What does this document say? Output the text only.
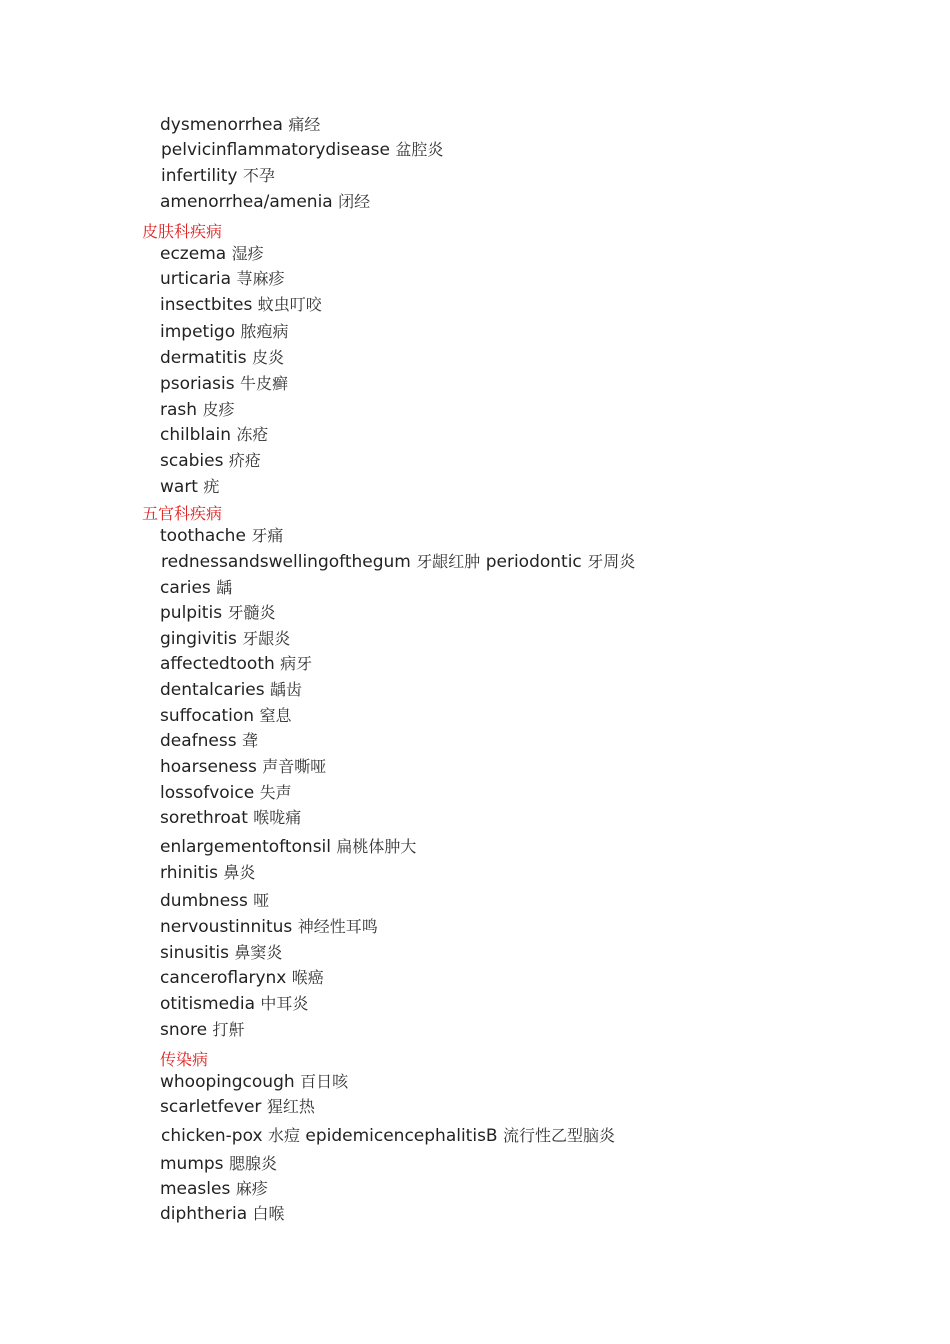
dysmenorrhea 痛经
pelvicinflammatorydisease 盆腔炎
infertility 不孕
amenorrhea/amenia 闭经
皮肤科疾病
eczema 湿疹
urticaria 荨麻疹
insectbites 蚊虫叮咬
impetigo 脓疱病
dermatitis 皮炎
psoriasis 牛皮癣
rash 皮疹
chilblain 冻疮
scabies 疥疮
wart 疣
五官科疾病
toothache 牙痛
rednessandswellingofthegum 牙龈红肿 periodontic 牙周炎
caries 龋
pulpitis 牙髓炎
gingivitis 牙龈炎
affectedtooth 病牙
dentalcaries 龋齿
suffocation 窒息
deafness 聋
hoarseness 声音嘶哑
lossofvoice 失声
sorethroat 喉咙痛
enlargementoftonsil 扁桃体肿大
rhinitis 鼻炎
dumbness 哑
nervoustinnitus 神经性耳鸣
sinusitis 鼻窦炎
canceroflarynx 喉癌
otitismedia 中耳炎
snore 打鼾
传染病
whoopingcough 百日咳
scarletfever 猩红热
chicken-pox 水痘 epidemicencephalitisB 流行性乙型脑炎
mumps 腮腺炎
measles 麻疹
diphtheria 白喉
